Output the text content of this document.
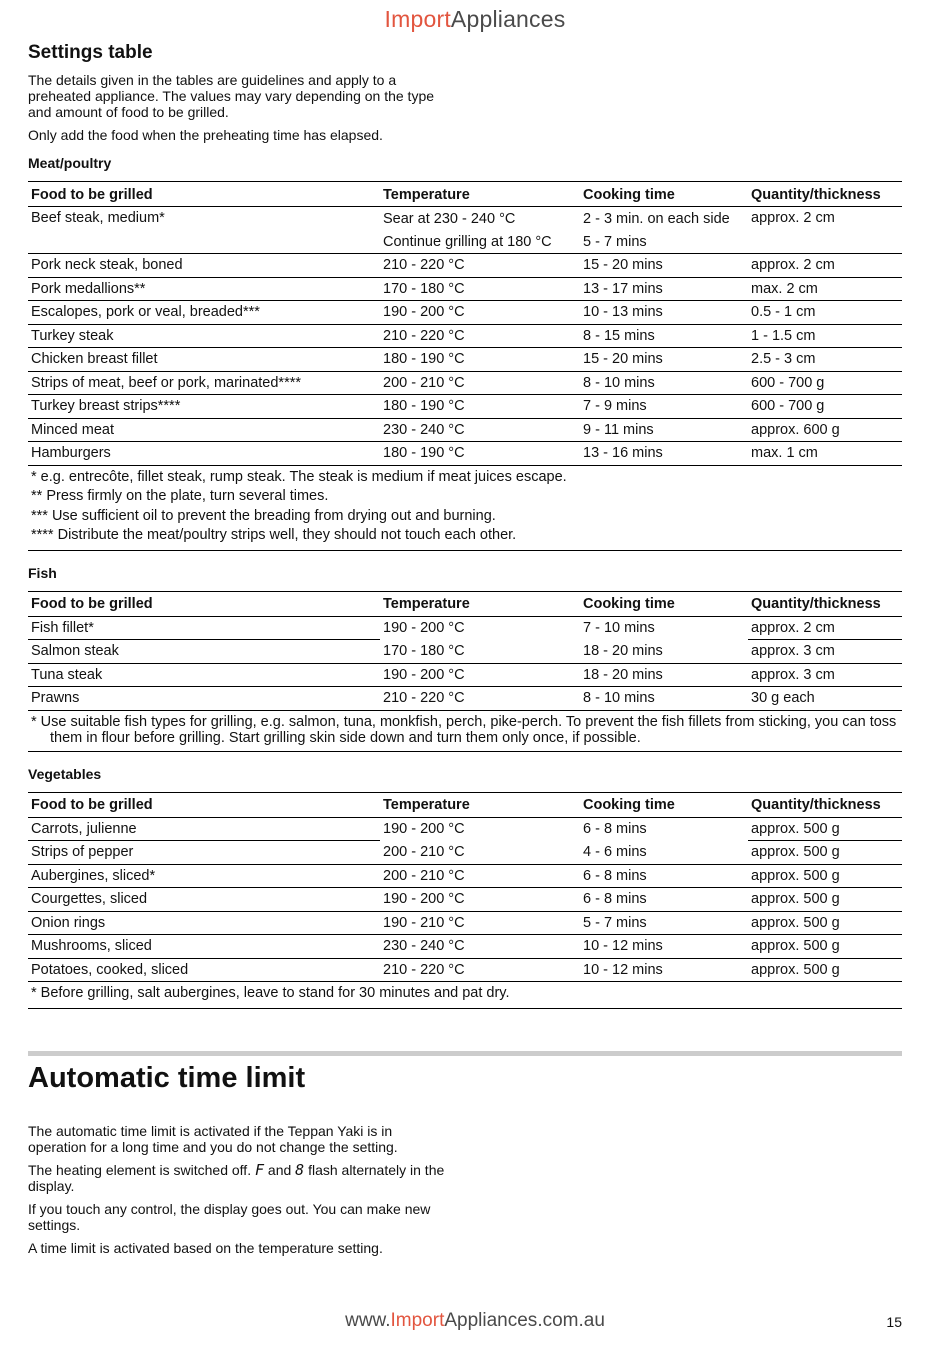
ImportAppliances
Settings table

The details given in the tables are guidelines and apply to a preheated appliance. The values may vary depending on the type and amount of food to be grilled.

Only add the food when the preheating time has elapsed.

Meat/poultry
Food to be grilled	Temperature	Cooking time	Quantity/thickness
Beef steak, medium*	Sear at 230 - 240 °C	2 - 3 min. on each side	approx. 2 cm
	Continue grilling at 180 °C	5 - 7 mins	
Pork neck steak, boned	210 - 220 °C	15 - 20 mins	approx. 2 cm
Pork medallions**	170 - 180 °C	13 - 17 mins	max. 2 cm
Escalopes, pork or veal, breaded***	190 - 200 °C	10 - 13 mins	0.5 - 1 cm
Turkey steak	210 - 220 °C	8 - 15 mins	1 - 1.5 cm
Chicken breast fillet	180 - 190 °C	15 - 20 mins	2.5 - 3 cm
Strips of meat, beef or pork, marinated****	200 - 210 °C	8 - 10 mins	600 - 700 g
Turkey breast strips****	180 - 190 °C	7 - 9 mins	600 - 700 g
Minced meat	230 - 240 °C	9 - 11 mins	approx. 600 g
Hamburgers	180 - 190 °C	13 - 16 mins	max. 1 cm
* e.g. entrecôte, fillet steak, rump steak. The steak is medium if meat juices escape.
** Press firmly on the plate, turn several times.
*** Use sufficient oil to prevent the breading from drying out and burning.
**** Distribute the meat/poultry strips well, they should not touch each other.
Fish
Food to be grilled	Temperature	Cooking time	Quantity/thickness
Fish fillet*	190 - 200 °C	7 - 10 mins	approx. 2 cm
Salmon steak	170 - 180 °C	18 - 20 mins	approx. 3 cm
Tuna steak	190 - 200 °C	18 - 20 mins	approx. 3 cm
Prawns	210 - 220 °C	8 - 10 mins	30 g each
* Use suitable fish types for grilling, e.g. salmon, tuna, monkfish, perch, pike-perch. To prevent the fish fillets from sticking, you can toss them in flour before grilling. Start grilling skin side down and turn them only once, if possible.
Vegetables
Food to be grilled	Temperature	Cooking time	Quantity/thickness
Carrots, julienne	190 - 200 °C	6 - 8 mins	approx. 500 g
Strips of pepper	200 - 210 °C	4 - 6 mins	approx. 500 g
Aubergines, sliced*	200 - 210 °C	6 - 8 mins	approx. 500 g
Courgettes, sliced	190 - 200 °C	6 - 8 mins	approx. 500 g
Onion rings	190 - 210 °C	5 - 7 mins	approx. 500 g
Mushrooms, sliced	230 - 240 °C	10 - 12 mins	approx. 500 g
Potatoes, cooked, sliced	210 - 220 °C	10 - 12 mins	approx. 500 g
* Before grilling, salt aubergines, leave to stand for 30 minutes and pat dry.
Automatic time limit

The automatic time limit is activated if the Teppan Yaki is in operation for a long time and you do not change the setting.

The heating element is switched off. F and 8 flash alternately in the display.

If you touch any control, the display goes out. You can make new settings.

A time limit is activated based on the temperature setting.

www.ImportAppliances.com.au	15
